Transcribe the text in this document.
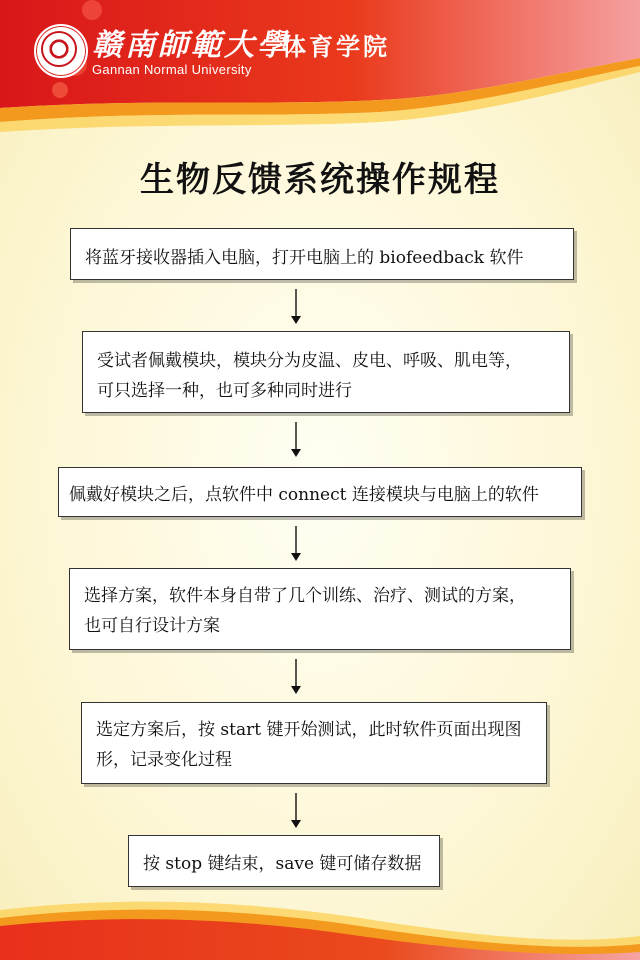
赣南師範大學
Gannan Normal University
体育学院
生物反馈系统操作规程
将蓝牙接收器插入电脑，打开电脑上的 biofeedback 软件
受试者佩戴模块，模块分为皮温、皮电、呼吸、肌电等，
可只选择一种，也可多种同时进行
佩戴好模块之后，点软件中 connect 连接模块与电脑上的软件
选择方案，软件本身自带了几个训练、治疗、测试的方案，
也可自行设计方案
选定方案后，按 start 键开始测试，此时软件页面出现图
形，记录变化过程
按 stop 键结束，save 键可储存数据
